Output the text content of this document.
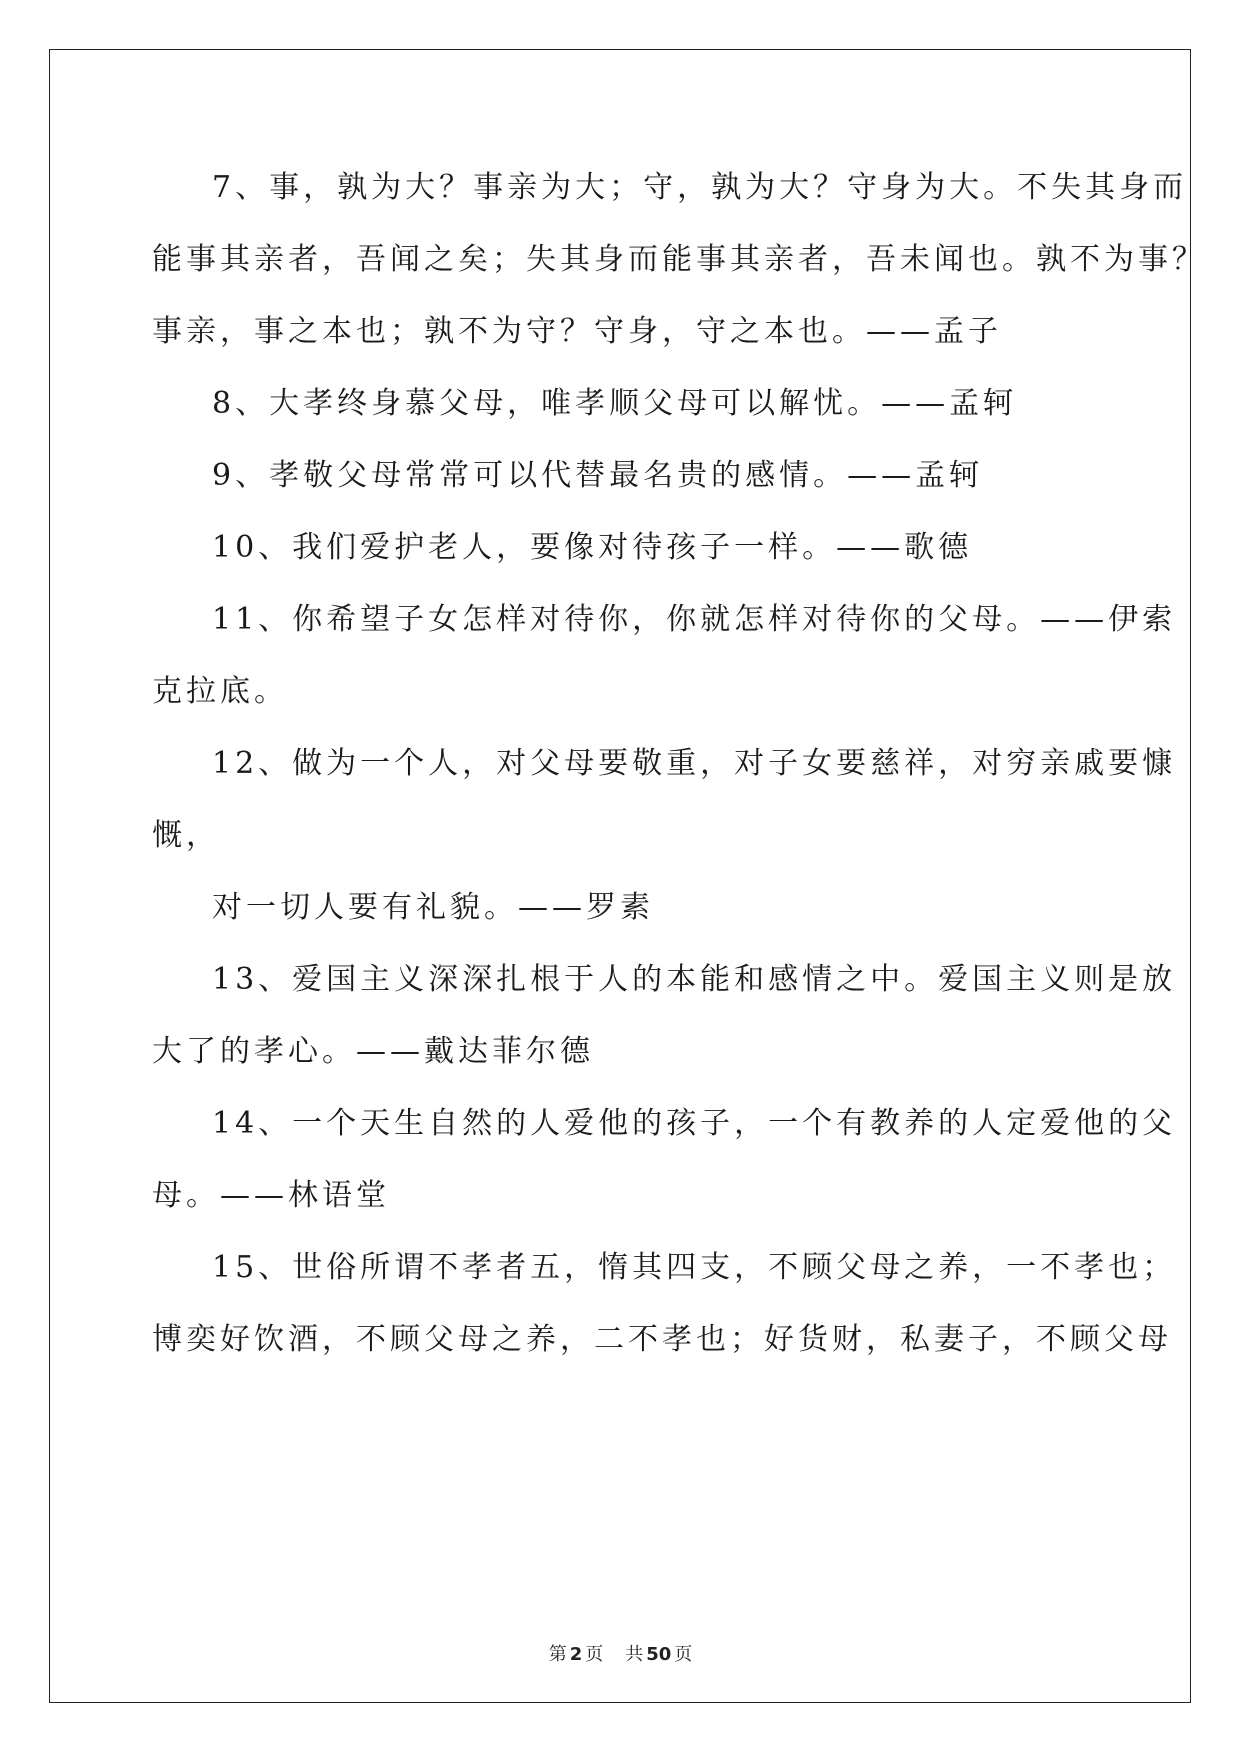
7、事，孰为大？事亲为大；守，孰为大？守身为大。不失其身而
能事其亲者，吾闻之矣；失其身而能事其亲者，吾未闻也。孰不为事？
事亲，事之本也；孰不为守？守身，守之本也。——孟子
8、大孝终身慕父母，唯孝顺父母可以解忧。——孟轲
9、孝敬父母常常可以代替最名贵的感情。——孟轲
10、我们爱护老人，要像对待孩子一样。——歌德
11、你希望子女怎样对待你，你就怎样对待你的父母。——伊索
克拉底。
12、做为一个人，对父母要敬重，对子女要慈祥，对穷亲戚要慷
慨，
对一切人要有礼貌。——罗素
13、爱国主义深深扎根于人的本能和感情之中。爱国主义则是放
大了的孝心。——戴达菲尔德
14、一个天生自然的人爱他的孩子，一个有教养的人定爱他的父
母。——林语堂
15、世俗所谓不孝者五，惰其四支，不顾父母之养，一不孝也；
博奕好饮酒，不顾父母之养，二不孝也；好货财，私妻子，不顾父母
第 2 页 共 50 页
